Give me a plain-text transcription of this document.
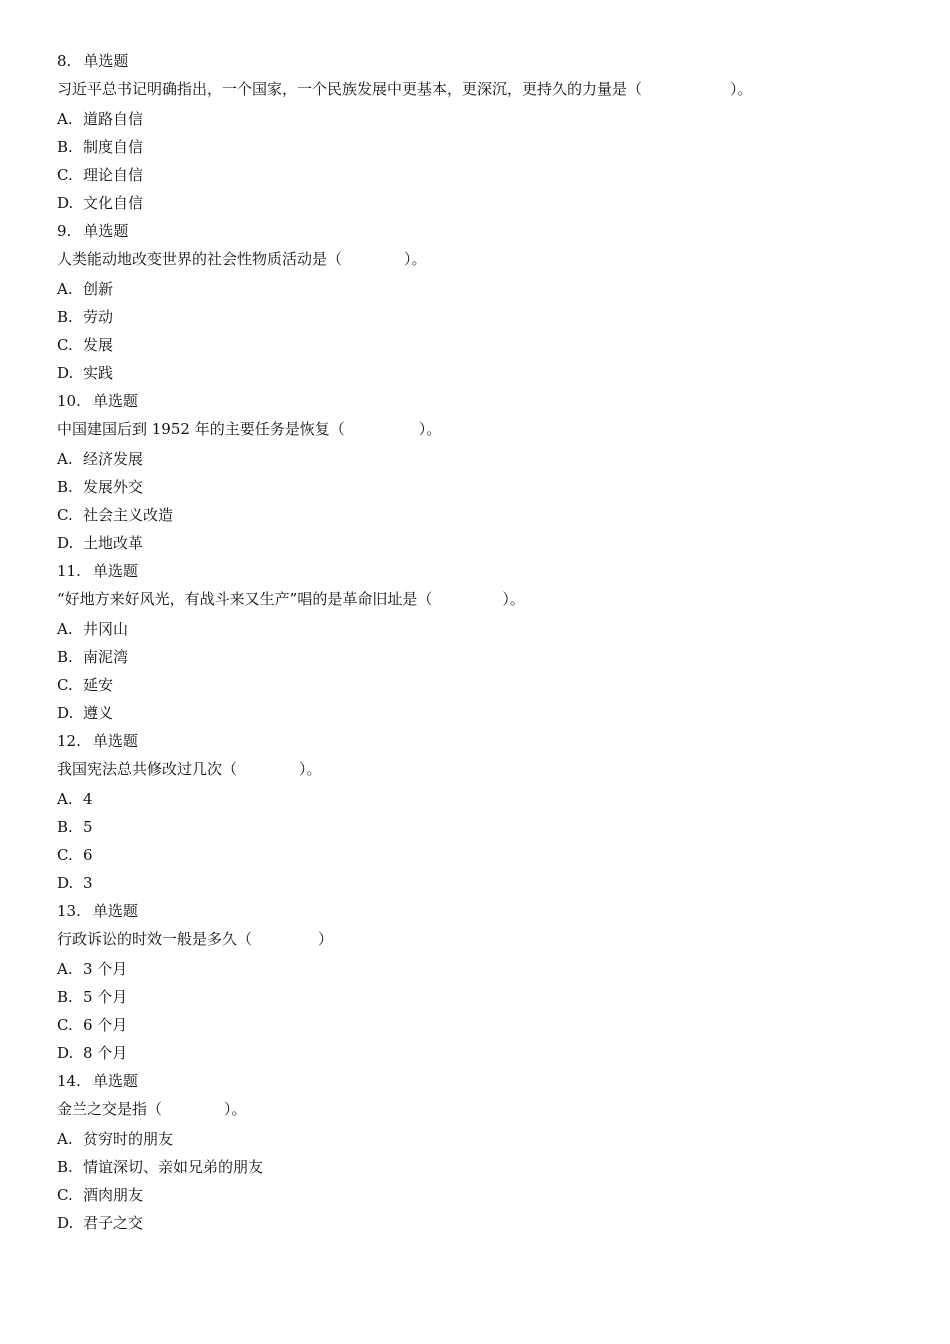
8. 单选题
习近平总书记明确指出，一个国家，一个民族发展中更基本，更深沉，更持久的力量是（	）。
A. 道路自信
B. 制度自信
C. 理论自信
D. 文化自信
9. 单选题
人类能动地改变世界的社会性物质活动是（	）。
A. 创新
B. 劳动
C. 发展
D. 实践
10. 单选题
中国建国后到 1952 年的主要任务是恢复（	）。
A. 经济发展
B. 发展外交
C. 社会主义改造
D. 土地改革
11. 单选题
“好地方来好风光，有战斗来又生产”唱的是革命旧址是（	）。
A. 井冈山
B. 南泥湾
C. 延安
D. 遵义
12. 单选题
我国宪法总共修改过几次（	）。
A. 4
B. 5
C. 6
D. 3
13. 单选题
行政诉讼的时效一般是多久（	）
A. 3 个月
B. 5 个月
C. 6 个月
D. 8 个月
14. 单选题
金兰之交是指（	）。
A. 贫穷时的朋友
B. 情谊深切、亲如兄弟的朋友
C. 酒肉朋友
D. 君子之交
